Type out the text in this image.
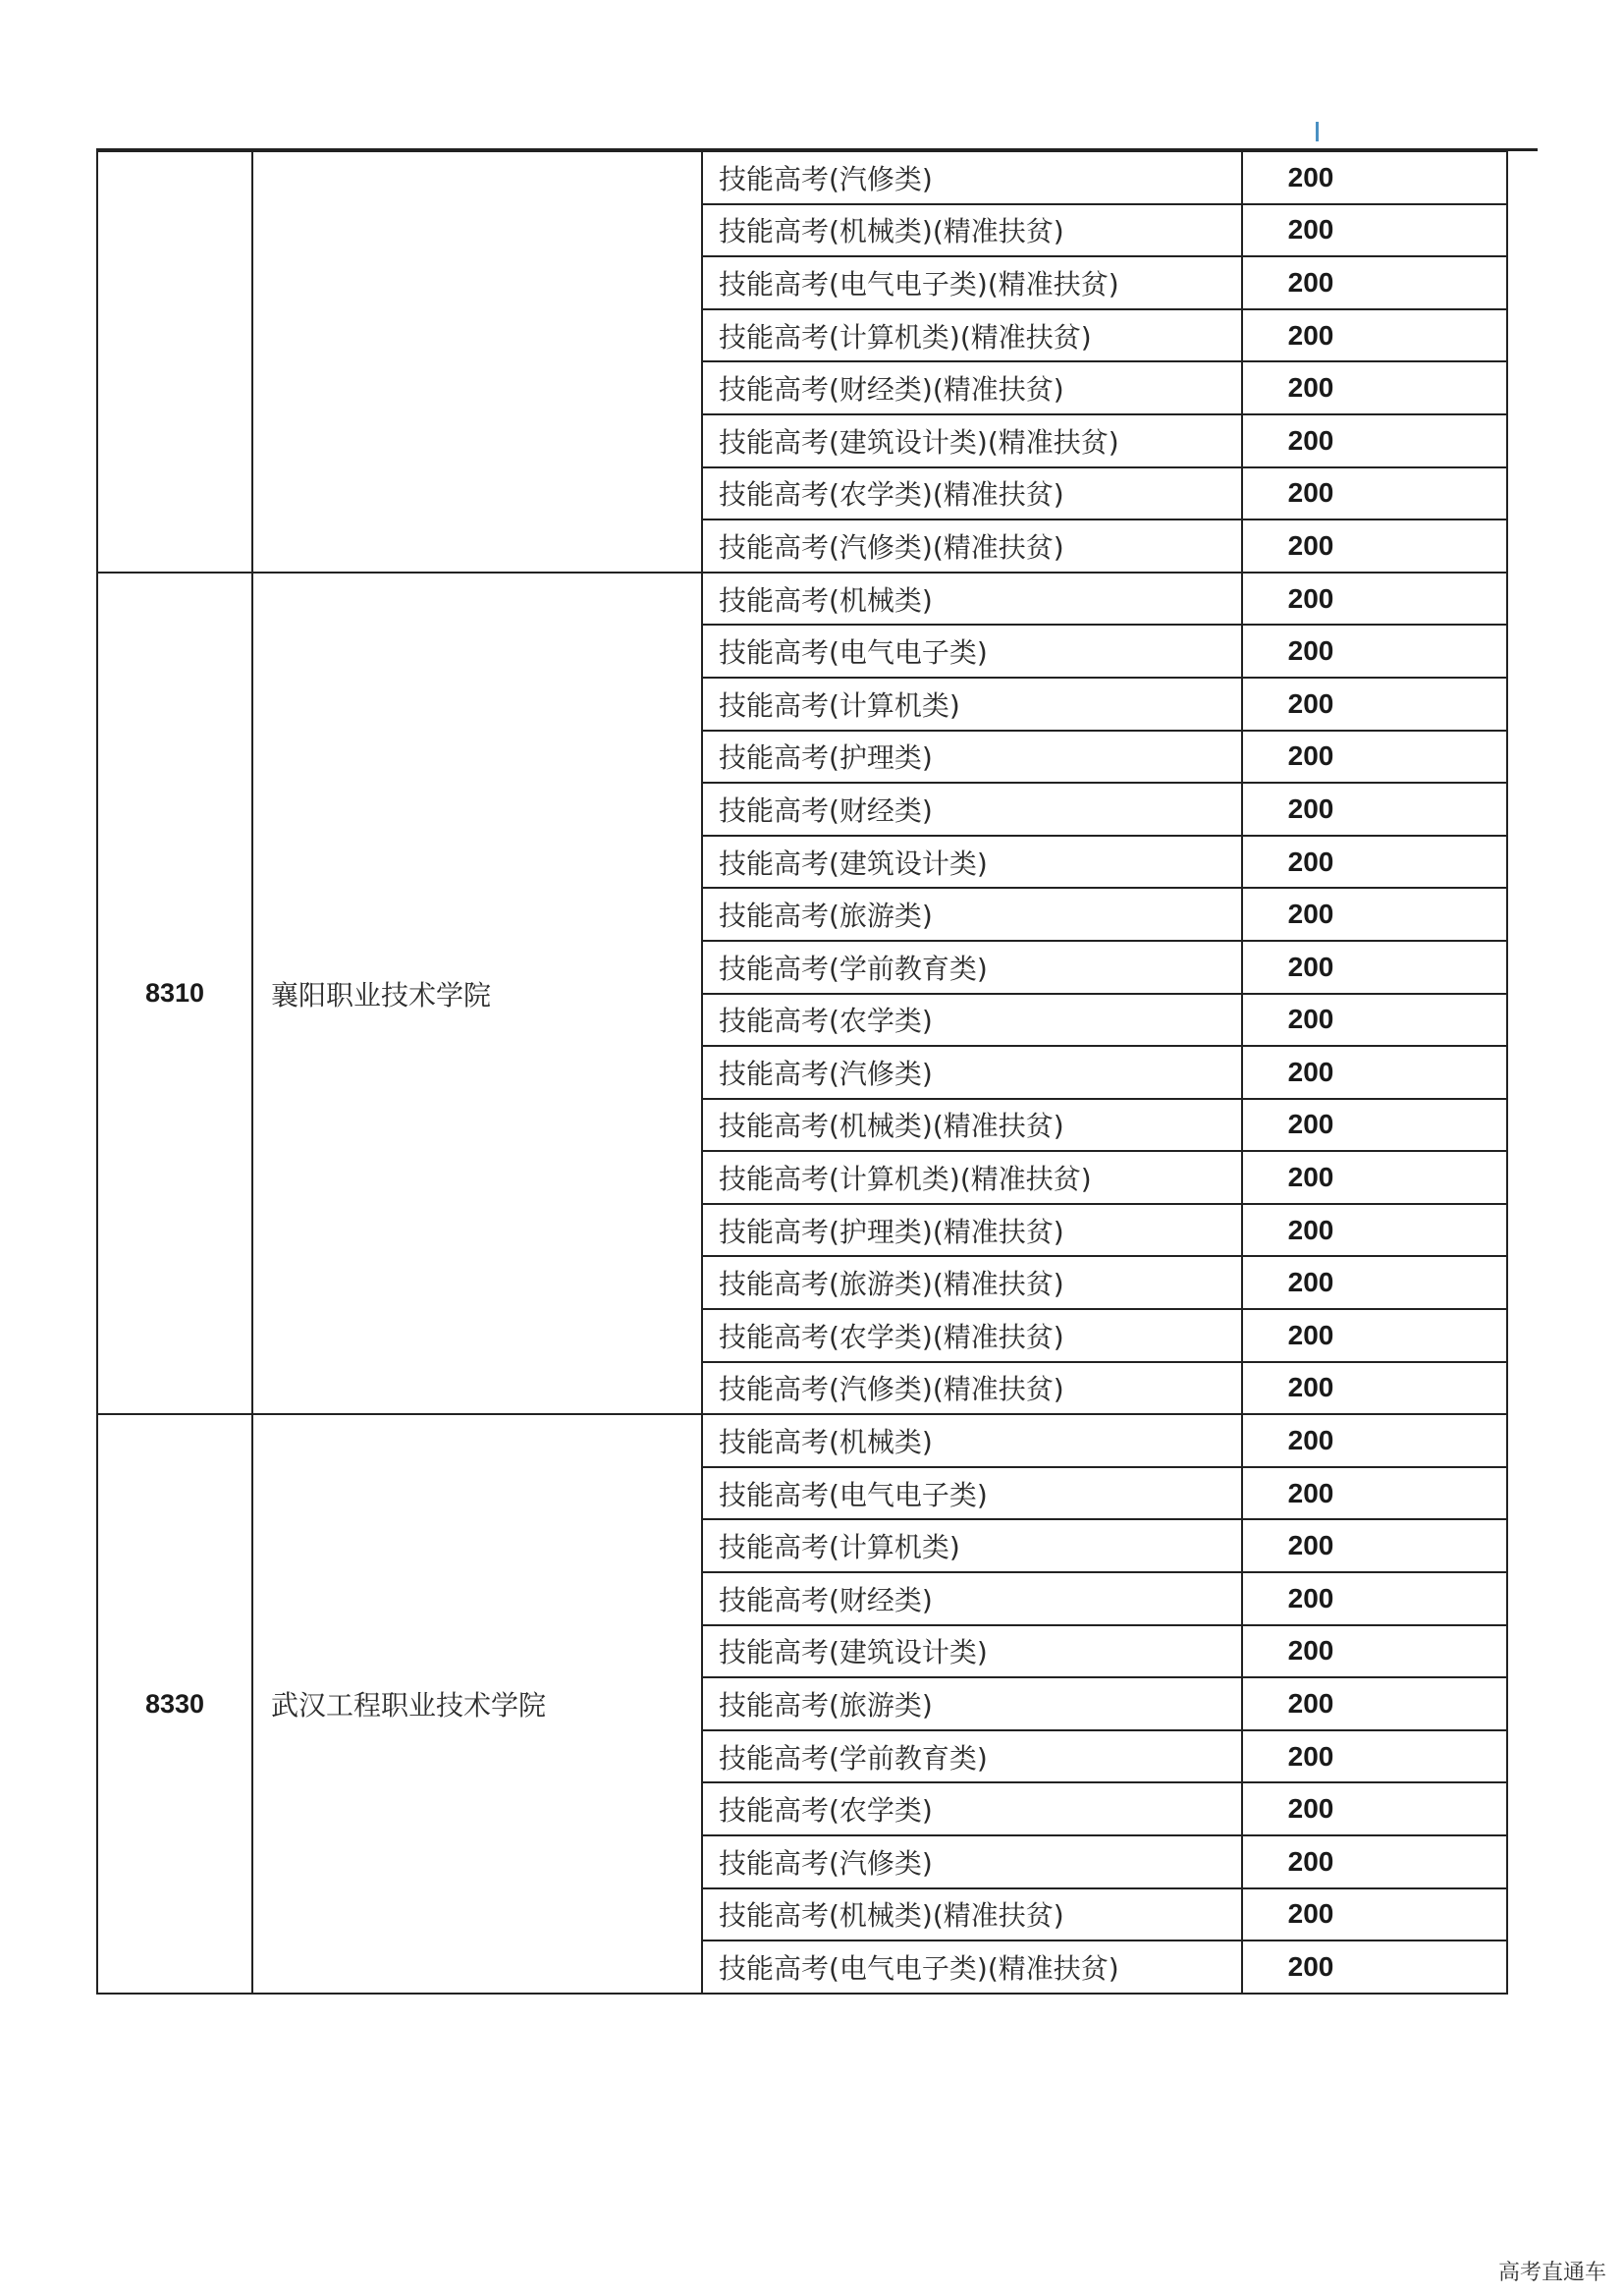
		技能高考(汽修类)	200
		技能高考(机械类)(精准扶贫)	200
		技能高考(电气电子类)(精准扶贫)	200
		技能高考(计算机类)(精准扶贫)	200
		技能高考(财经类)(精准扶贫)	200
		技能高考(建筑设计类)(精准扶贫)	200
		技能高考(农学类)(精准扶贫)	200
		技能高考(汽修类)(精准扶贫)	200
8310	襄阳职业技术学院	技能高考(机械类)	200
		技能高考(电气电子类)	200
		技能高考(计算机类)	200
		技能高考(护理类)	200
		技能高考(财经类)	200
		技能高考(建筑设计类)	200
		技能高考(旅游类)	200
		技能高考(学前教育类)	200
		技能高考(农学类)	200
		技能高考(汽修类)	200
		技能高考(机械类)(精准扶贫)	200
		技能高考(计算机类)(精准扶贫)	200
		技能高考(护理类)(精准扶贫)	200
		技能高考(旅游类)(精准扶贫)	200
		技能高考(农学类)(精准扶贫)	200
		技能高考(汽修类)(精准扶贫)	200
8330	武汉工程职业技术学院	技能高考(机械类)	200
		技能高考(电气电子类)	200
		技能高考(计算机类)	200
		技能高考(财经类)	200
		技能高考(建筑设计类)	200
		技能高考(旅游类)	200
		技能高考(学前教育类)	200
		技能高考(农学类)	200
		技能高考(汽修类)	200
		技能高考(机械类)(精准扶贫)	200
		技能高考(电气电子类)(精准扶贫)	200
高考直通车
